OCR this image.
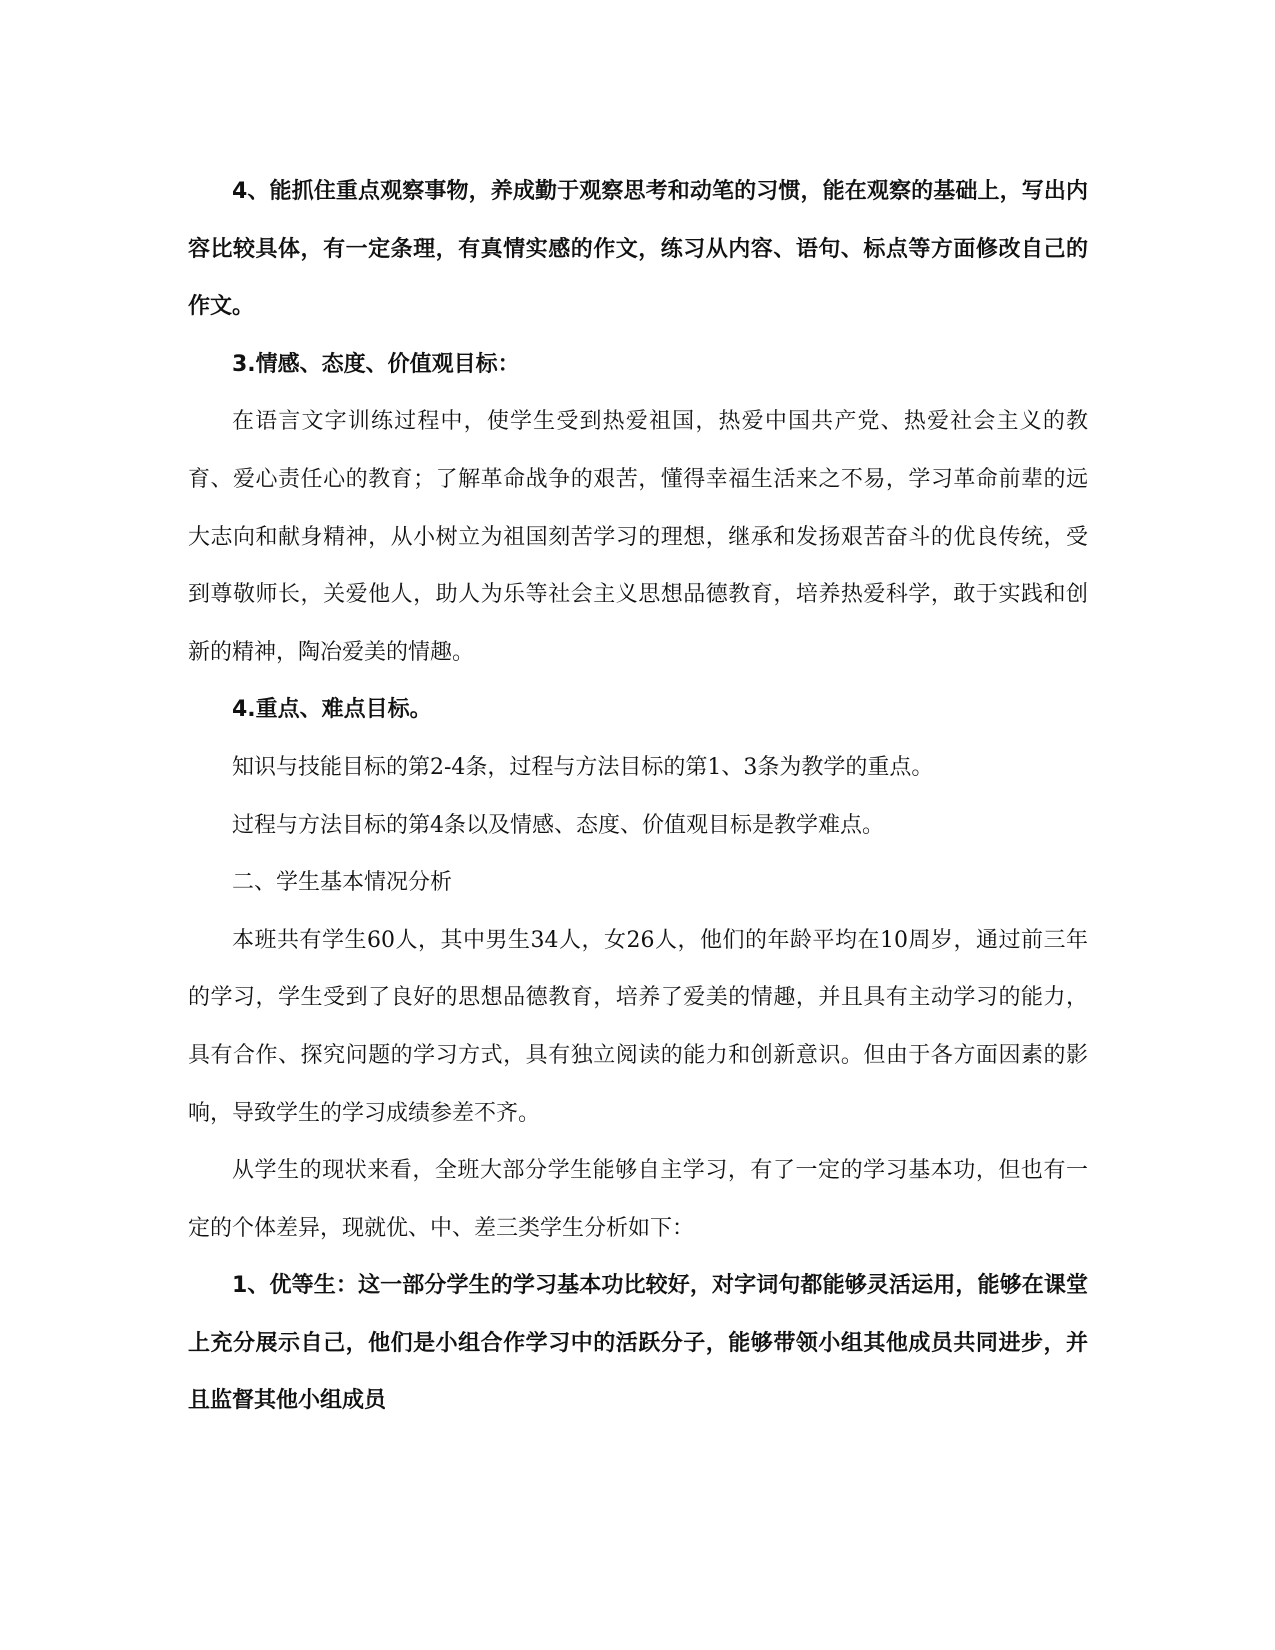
4、能抓住重点观察事物，养成勤于观察思考和动笔的习惯，能在观察的基础上，写出内容比较具体，有一定条理，有真情实感的作文，练习从内容、语句、标点等方面修改自己的作文。

3.情感、态度、价值观目标：

在语言文字训练过程中，使学生受到热爱祖国，热爱中国共产党、热爱社会主义的教育、爱心责任心的教育；了解革命战争的艰苦，懂得幸福生活来之不易，学习革命前辈的远大志向和献身精神，从小树立为祖国刻苦学习的理想，继承和发扬艰苦奋斗的优良传统，受到尊敬师长，关爱他人，助人为乐等社会主义思想品德教育，培养热爱科学，敢于实践和创新的精神，陶冶爱美的情趣。

4.重点、难点目标。

知识与技能目标的第2-4条，过程与方法目标的第1、3条为教学的重点。

过程与方法目标的第4条以及情感、态度、价值观目标是教学难点。

二、学生基本情况分析

本班共有学生60人，其中男生34人，女26人，他们的年龄平均在10周岁，通过前三年的学习，学生受到了良好的思想品德教育，培养了爱美的情趣，并且具有主动学习的能力，具有合作、探究问题的学习方式，具有独立阅读的能力和创新意识。但由于各方面因素的影响，导致学生的学习成绩参差不齐。

从学生的现状来看，全班大部分学生能够自主学习，有了一定的学习基本功，但也有一定的个体差异，现就优、中、差三类学生分析如下：

1、优等生：这一部分学生的学习基本功比较好，对字词句都能够灵活运用，能够在课堂上充分展示自己，他们是小组合作学习中的活跃分子，能够带领小组其他成员共同进步，并且监督其他小组成员
